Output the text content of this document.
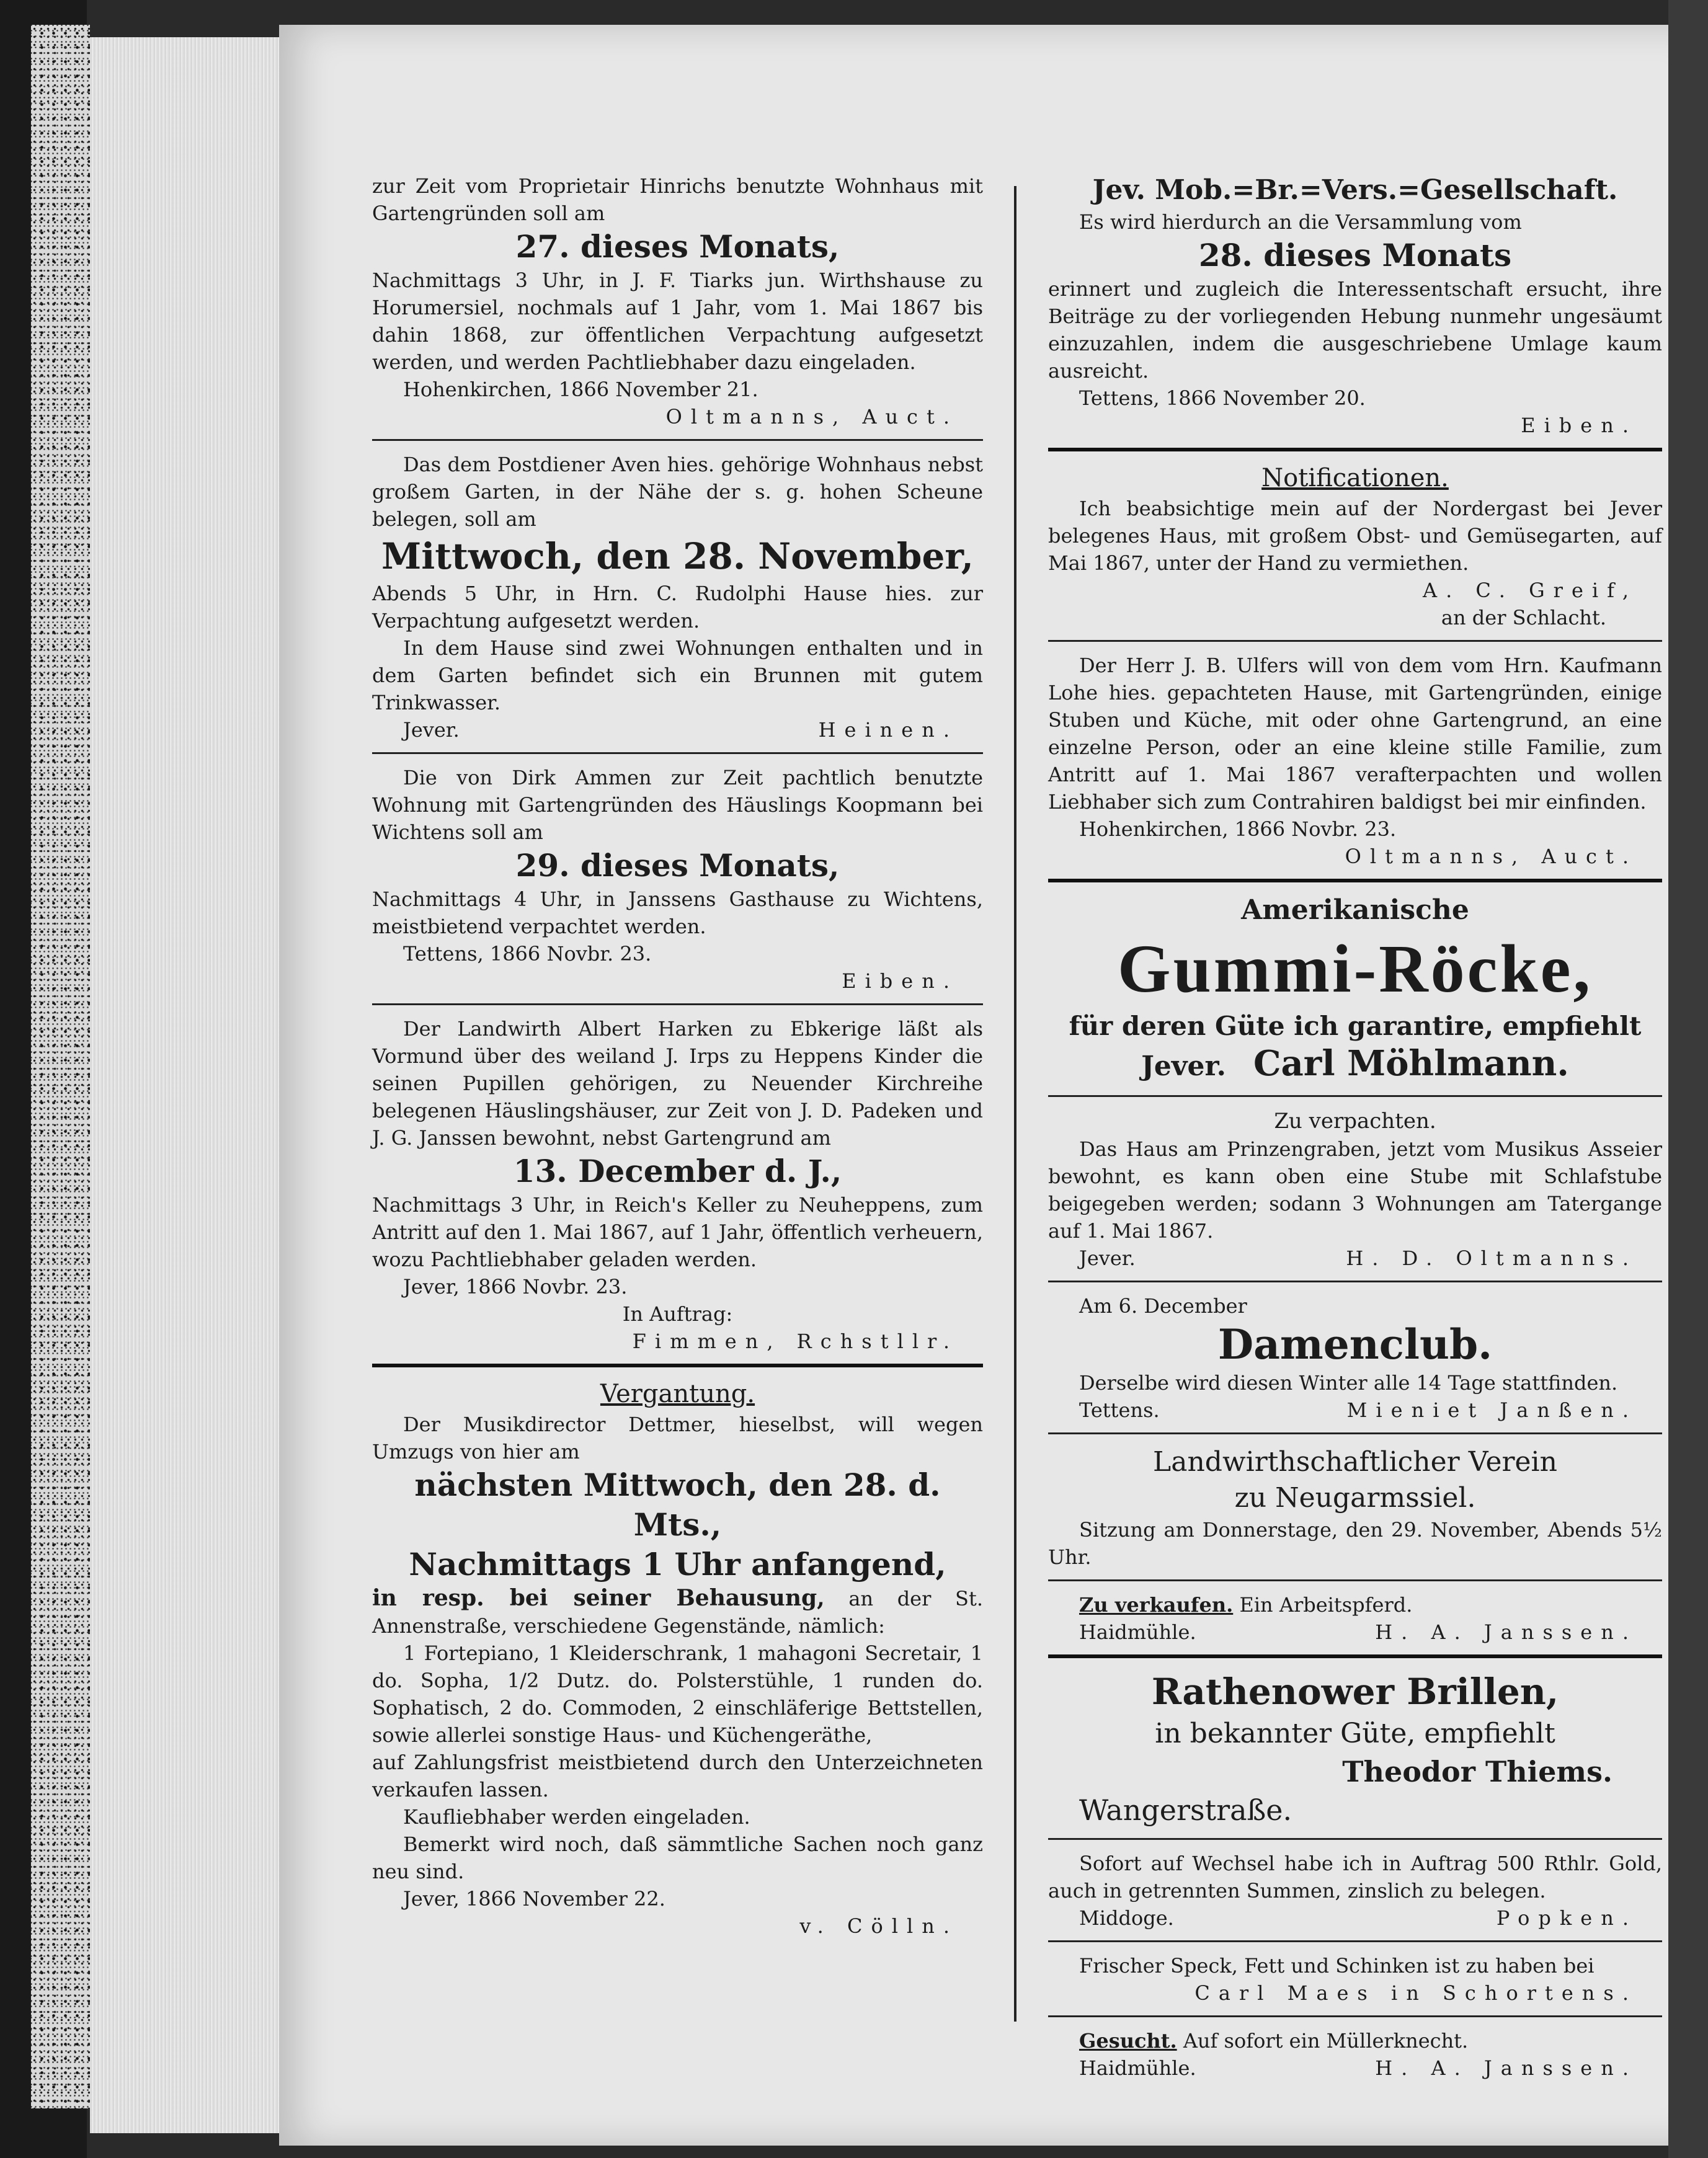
zur Zeit vom Proprietair Hinrichs benutzte Wohnhaus mit Gartengründen soll am

27. dieses Monats,

Nachmittags 3 Uhr, in J. F. Tiarks jun. Wirthshause zu Horumersiel, nochmals auf 1 Jahr, vom 1. Mai 1867 bis dahin 1868, zur öffentlichen Verpachtung aufgesetzt werden, und werden Pachtliebhaber dazu eingeladen.

Hohenkirchen, 1866 November 21.

Oltmanns, Auct.

Das dem Postdiener Aven hies. gehörige Wohnhaus nebst großem Garten, in der Nähe der s. g. hohen Scheune belegen, soll am

Mittwoch, den 28. November,

Abends 5 Uhr, in Hrn. C. Rudolphi Hause hies. zur Verpachtung aufgesetzt werden.

In dem Hause sind zwei Wohnungen enthalten und in dem Garten befindet sich ein Brunnen mit gutem Trinkwasser.

Jever.	Heinen.

Die von Dirk Ammen zur Zeit pachtlich benutzte Wohnung mit Gartengründen des Häuslings Koopmann bei Wichtens soll am

29. dieses Monats,

Nachmittags 4 Uhr, in Janssens Gasthause zu Wichtens, meistbietend verpachtet werden.

Tettens, 1866 Novbr. 23.

Eiben.

Der Landwirth Albert Harken zu Ebkerige läßt als Vormund über des weiland J. Irps zu Heppens Kinder die seinen Pupillen gehörigen, zu Neuender Kirchreihe belegenen Häuslingshäuser, zur Zeit von J. D. Padeken und J. G. Janssen bewohnt, nebst Gartengrund am

13. December d. J.,

Nachmittags 3 Uhr, in Reich's Keller zu Neuheppens, zum Antritt auf den 1. Mai 1867, auf 1 Jahr, öffentlich verheuern, wozu Pachtliebhaber geladen werden.

Jever, 1866 Novbr. 23.

In Auftrag:

Fimmen, Rchstllr.

Vergantung.

Der Musikdirector Dettmer, hieselbst, will wegen Umzugs von hier am

nächsten Mittwoch, den 28. d. Mts.,

Nachmittags 1 Uhr anfangend,

in resp. bei seiner Behausung, an der St. Annenstraße, verschiedene Gegenstände, nämlich:

1 Fortepiano, 1 Kleiderschrank, 1 mahagoni Secretair, 1 do. Sopha, 1/2 Dutz. do. Polsterstühle, 1 runden do. Sophatisch, 2 do. Commoden, 2 einschläferige Bettstellen, sowie allerlei sonstige Haus- und Küchengeräthe,

auf Zahlungsfrist meistbietend durch den Unterzeichneten verkaufen lassen.

Kaufliebhaber werden eingeladen.

Bemerkt wird noch, daß sämmtliche Sachen noch ganz neu sind.

Jever, 1866 November 22.

v. Cölln.

Jev. Mob.=Br.=Vers.=Gesellschaft.

Es wird hierdurch an die Versammlung vom

28. dieses Monats

erinnert und zugleich die Interessentschaft ersucht, ihre Beiträge zu der vorliegenden Hebung nunmehr ungesäumt einzuzahlen, indem die ausgeschriebene Umlage kaum ausreicht.

Tettens, 1866 November 20.

Eiben.

Notificationen.

Ich beabsichtige mein auf der Nordergast bei Jever belegenes Haus, mit großem Obst- und Gemüsegarten, auf Mai 1867, unter der Hand zu vermiethen.

A. C. Greif,

an der Schlacht.

Der Herr J. B. Ulfers will von dem vom Hrn. Kaufmann Lohe hies. gepachteten Hause, mit Gartengründen, einige Stuben und Küche, mit oder ohne Gartengrund, an eine einzelne Person, oder an eine kleine stille Familie, zum Antritt auf 1. Mai 1867 verafterpachten und wollen Liebhaber sich zum Contrahiren baldigst bei mir einfinden.

Hohenkirchen, 1866 Novbr. 23.

Oltmanns, Auct.

Amerikanische

Gummi-Röcke,

für deren Güte ich garantire, empfiehlt

Jever. Carl Möhlmann.

Zu verpachten.

Das Haus am Prinzengraben, jetzt vom Musikus Asseier bewohnt, es kann oben eine Stube mit Schlafstube beigegeben werden; sodann 3 Wohnungen am Tatergange auf 1. Mai 1867.

Jever.	H. D. Oltmanns.

Am 6. December

Damenclub.

Derselbe wird diesen Winter alle 14 Tage stattfinden.

Tettens.	Mieniet Janßen.

Landwirthschaftlicher Verein

zu Neugarmssiel.

Sitzung am Donnerstage, den 29. November, Abends 5½ Uhr.

Zu verkaufen. Ein Arbeitspferd.

Haidmühle.	H. A. Janssen.

Rathenower Brillen,

in bekannter Güte, empfiehlt

Theodor Thiems.

Wangerstraße.

Sofort auf Wechsel habe ich in Auftrag 500 Rthlr. Gold, auch in getrennten Summen, zinslich zu belegen.

Middoge.	Popken.

Frischer Speck, Fett und Schinken ist zu haben bei

Carl Maes in Schortens.

Gesucht. Auf sofort ein Müllerknecht.

Haidmühle.	H. A. Janssen.
